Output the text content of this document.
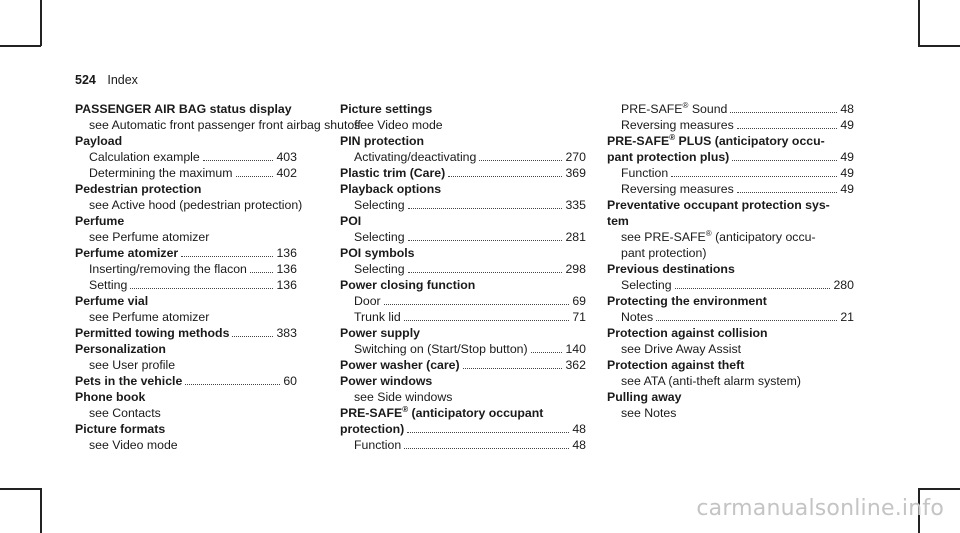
524 Index
PASSENGER AIR BAG status display
see Automatic front passenger front airbag shutoff
Payload
Calculation example	403
Determining the maximum	402
Pedestrian protection
see Active hood (pedestrian protection)
Perfume
see Perfume atomizer
Perfume atomizer	136
Inserting/removing the flacon 136
Setting	136
Perfume vial
see Perfume atomizer
Permitted towing methods	383
Personalization
see User profile
Pets in the vehicle	60
Phone book
see Contacts
Picture formats
see Video mode
Picture settings
see Video mode
PIN protection
Activating/deactivating	270
Plastic trim (Care)	369
Playback options
Selecting	335
POI
Selecting	281
POI symbols
Selecting	298
Power closing function
Door	69
Trunk lid	71
Power supply
Switching on (Start/Stop button)	140
Power washer (care)	362
Power windows
see Side windows
PRE-SAFE® (anticipatory occupant
protection)	48
Function	48
PRE-SAFE® Sound	48
Reversing measures	49
PRE-SAFE® PLUS (anticipatory occu-
pant protection plus)	49
Function	49
Reversing measures	49
Preventative occupant protection sys-
tem
see PRE-SAFE® (anticipatory occu-
pant protection)
Previous destinations
Selecting	280
Protecting the environment
Notes	21
Protection against collision
see Drive Away Assist
Protection against theft
see ATA (anti-theft alarm system)
Pulling away
see Notes
carmanualsonline.info
